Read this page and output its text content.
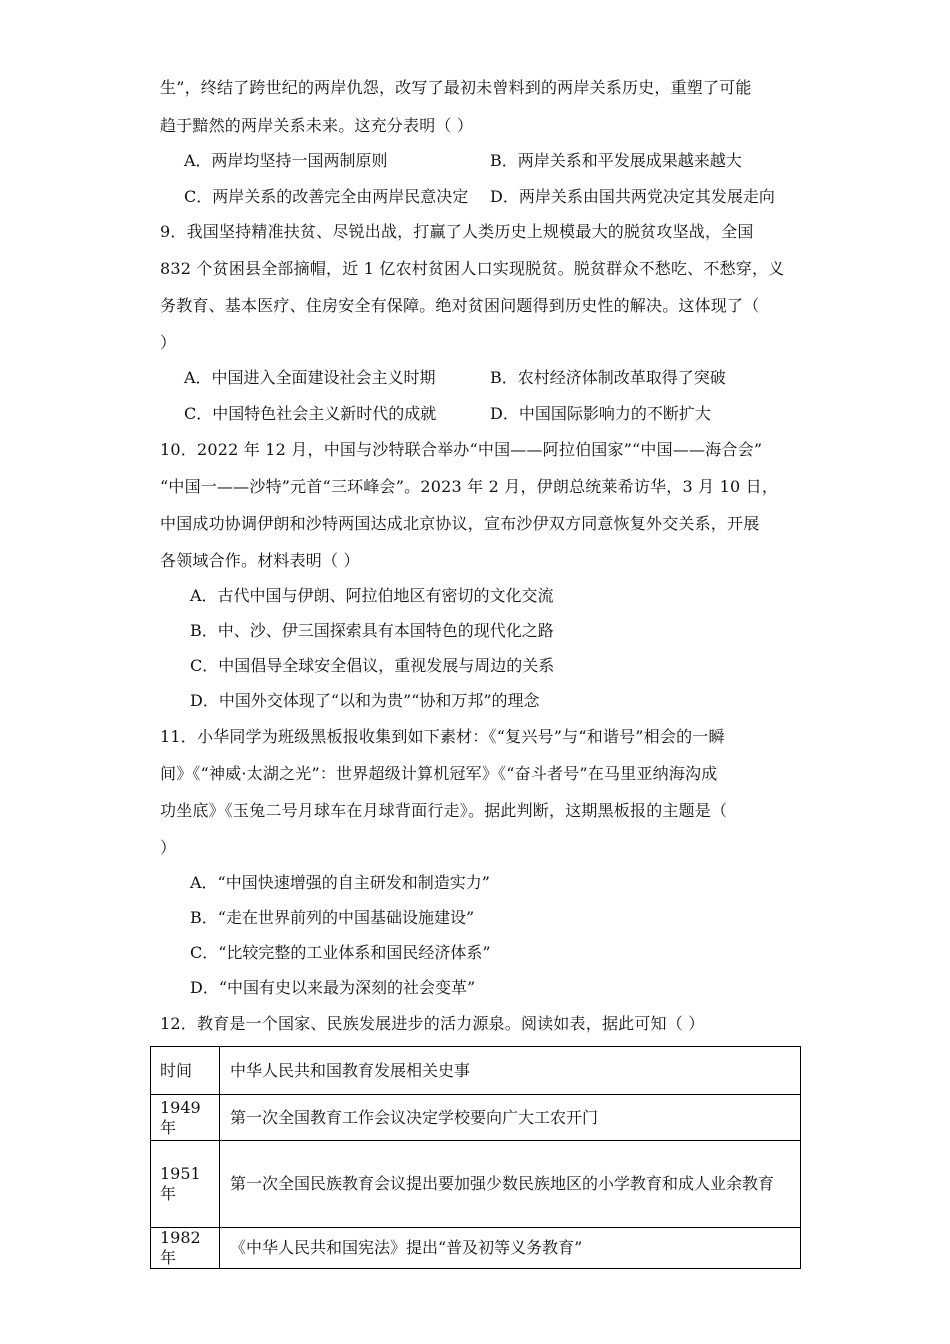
生”，终结了跨世纪的两岸仇怨，改写了最初未曾料到的两岸关系历史，重塑了可能
趋于黯然的两岸关系未来。这充分表明（ ）
A．两岸均坚持一国两制原则	B．两岸关系和平发展成果越来越大
C．两岸关系的改善完全由两岸民意决定 D．两岸关系由国共两党决定其发展走向
9．我国坚持精准扶贫、尽锐出战，打赢了人类历史上规模最大的脱贫攻坚战，全国
832 个贫困县全部摘帽，近 1 亿农村贫困人口实现脱贫。脱贫群众不愁吃、不愁穿，义
务教育、基本医疗、住房安全有保障。绝对贫困问题得到历史性的解决。这体现了（
）
A．中国进入全面建设社会主义时期	B．农村经济体制改革取得了突破
C．中国特色社会主义新时代的成就	D．中国国际影响力的不断扩大
10．2022 年 12 月，中国与沙特联合举办“中国——阿拉伯国家”“中国——海合会”
“中国一——沙特”元首“三环峰会”。2023 年 2 月，伊朗总统莱希访华，3 月 10 日，
中国成功协调伊朗和沙特两国达成北京协议，宣布沙伊双方同意恢复外交关系，开展
各领域合作。材料表明（ ）
A．古代中国与伊朗、阿拉伯地区有密切的文化交流
B．中、沙、伊三国探索具有本国特色的现代化之路
C．中国倡导全球安全倡议，重视发展与周边的关系
D．中国外交体现了“以和为贵”“协和万邦”的理念
11．小华同学为班级黑板报收集到如下素材：《“复兴号”与“和谐号”相会的一瞬
间》《“神威·太湖之光”：世界超级计算机冠军》《“奋斗者号”在马里亚纳海沟成
功坐底》《玉兔二号月球车在月球背面行走》。据此判断，这期黑板报的主题是（
）
A．“中国快速增强的自主研发和制造实力”
B．“走在世界前列的中国基础设施建设”
C．“比较完整的工业体系和国民经济体系”
D．“中国有史以来最为深刻的社会变革”
12．教育是一个国家、民族发展进步的活力源泉。阅读如表，据此可知（ ）
时间	中华人民共和国教育发展相关史事
1949 年	第一次全国教育工作会议决定学校要向广大工农开门
1951 年	第一次全国民族教育会议提出要加强少数民族地区的小学教育和成人业余教育
1982 年	《中华人民共和国宪法》提出“普及初等义务教育”
